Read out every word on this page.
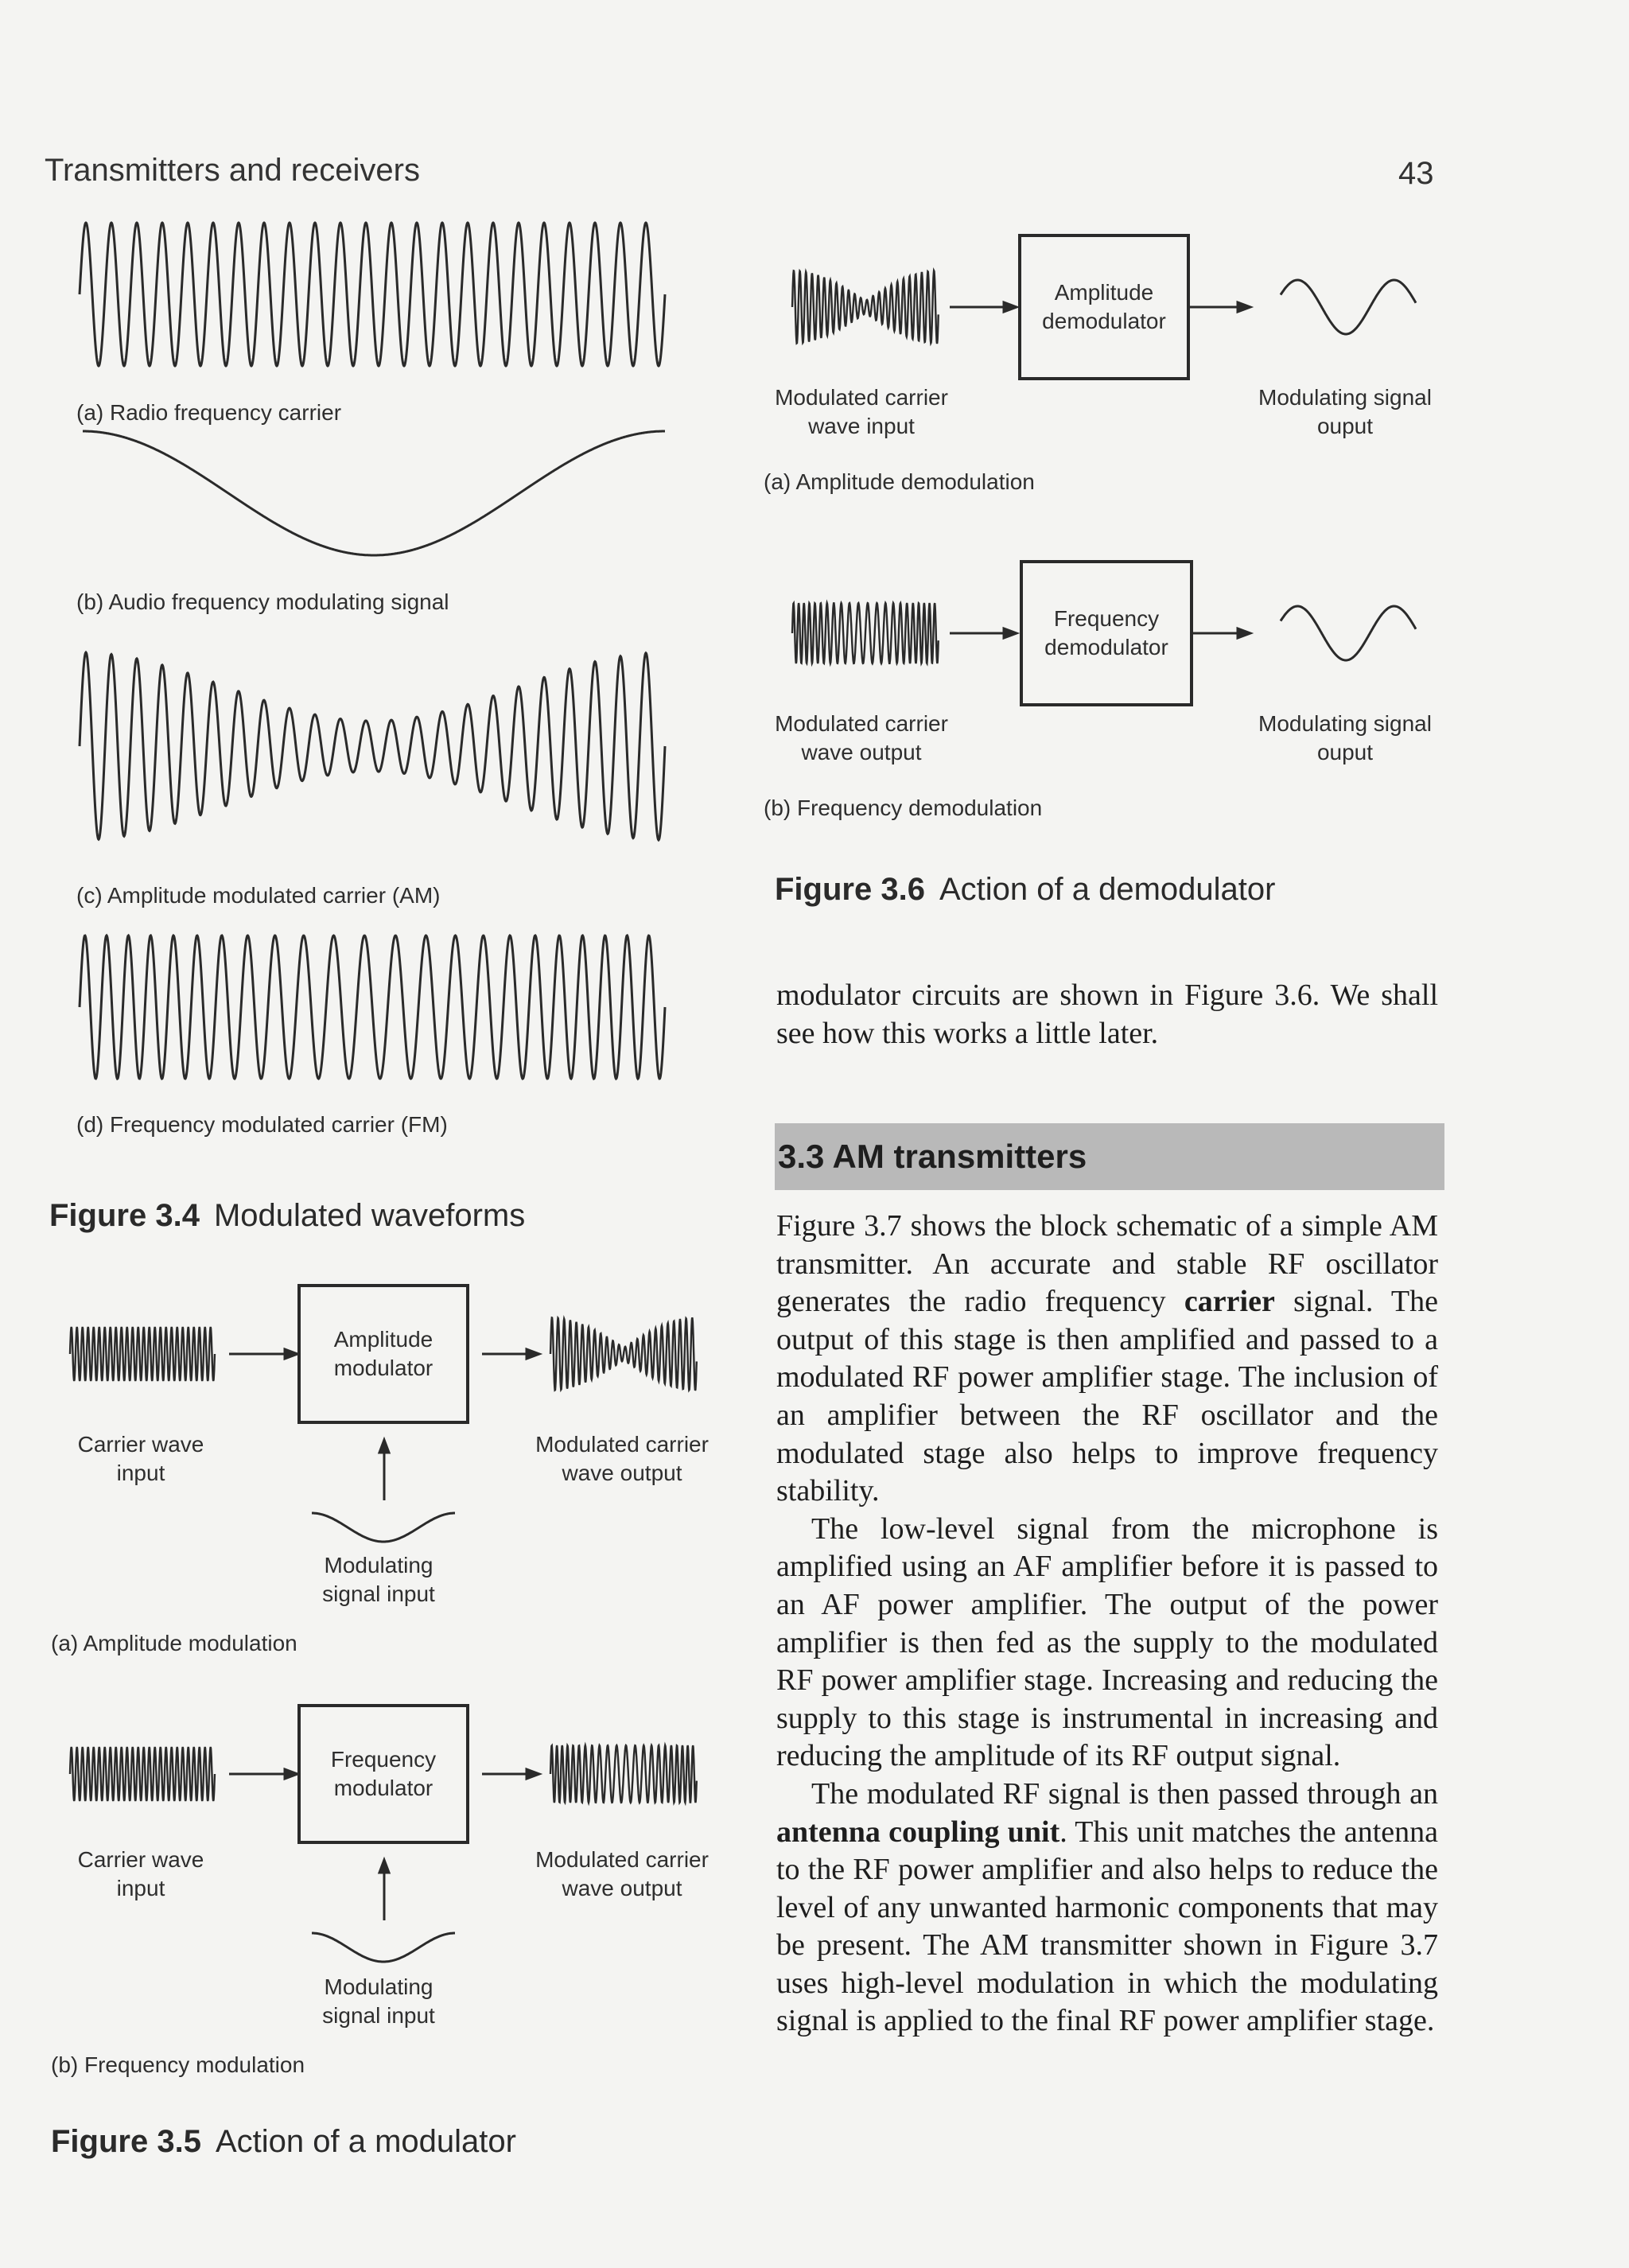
Transmitters and receivers	43
(a) Radio frequency carrier
(b) Audio frequency modulating signal
(c) Amplitude modulated carrier (AM)
(d) Frequency modulated carrier (FM)
Figure 3.4 Modulated waveforms
Amplitude
modulator
Carrier wave
input
Modulated carrier
wave output
Modulating
signal input
(a) Amplitude modulation
Frequency
modulator
Carrier wave
input
Modulated carrier
wave output
Modulating
signal input
(b) Frequency modulation
Figure 3.5 Action of a modulator
Amplitude
demodulator
Modulated carrier
wave input
Modulating signal
ouput
(a) Amplitude demodulation
Frequency
demodulator
Modulated carrier
wave output
Modulating signal
ouput
(b) Frequency demodulation
Figure 3.6 Action of a demodulator

modulator circuits are shown in Figure 3.6. We shall see how this works a little later.

3.3 AM transmitters

Figure 3.7 shows the block schematic of a simple AM transmitter. An accurate and stable RF oscillator generates the radio frequency carrier signal. The output of this stage is then amplified and passed to a modulated RF power amplifier stage. The inclusion of an amplifier between the RF oscillator and the modulated stage also helps to improve frequency stability.

The low-level signal from the microphone is amplified using an AF amplifier before it is passed to an AF power amplifier. The output of the power amplifier is then fed as the supply to the modulated RF power amplifier stage. Increasing and reducing the supply to this stage is instrumental in increasing and reducing the amplitude of its RF output signal.

The modulated RF signal is then passed through an antenna coupling unit. This unit matches the antenna to the RF power amplifier and also helps to reduce the level of any unwanted harmonic components that may be present. The AM transmitter shown in Figure 3.7 uses high-level modulation in which the modulating signal is applied to the final RF power amplifier stage.
